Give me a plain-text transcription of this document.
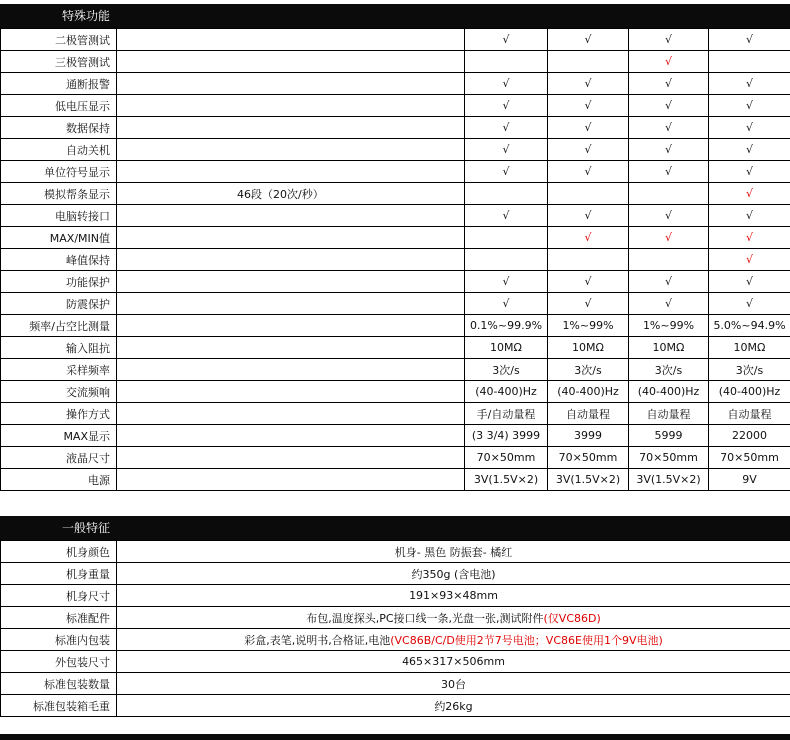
特殊功能
二极管测试		√	√	√	√
三极管测试				√	
通断报警		√	√	√	√
低电压显示		√	√	√	√
数据保持		√	√	√	√
自动关机		√	√	√	√
单位符号显示		√	√	√	√
模拟帮条显示	46段（20次/秒）				√
电脑转接口		√	√	√	√
MAX/MIN值			√	√	√
峰值保持					√
功能保护		√	√	√	√
防震保护		√	√	√	√
频率/占空比测量		0.1%~99.9%	1%~99%	1%~99%	5.0%~94.9%
输入阻抗		10MΩ	10MΩ	10MΩ	10MΩ
采样频率		3次/s	3次/s	3次/s	3次/s
交流频响		(40-400)Hz	(40-400)Hz	(40-400)Hz	(40-400)Hz
操作方式		手/自动量程	自动量程	自动量程	自动量程
MAX显示		(3 3/4) 3999	3999	5999	22000
液晶尺寸		70×50mm	70×50mm	70×50mm	70×50mm
电源		3V(1.5V×2)	3V(1.5V×2)	3V(1.5V×2)	9V
一般特征
机身颜色	机身- 黑色 防振套- 橘红
机身重量	约350g (含电池)
机身尺寸	191×93×48mm
标准配件	布包,温度探头,PC接口线一条,光盘一张,测试附件(仅VC86D)
标准内包装	彩盒,表笔,说明书,合格证,电池(VC86B/C/D使用2节7号电池；VC86E使用1个9V电池)
外包装尺寸	465×317×506mm
标准包装数量	30台
标准包装箱毛重	约26kg
